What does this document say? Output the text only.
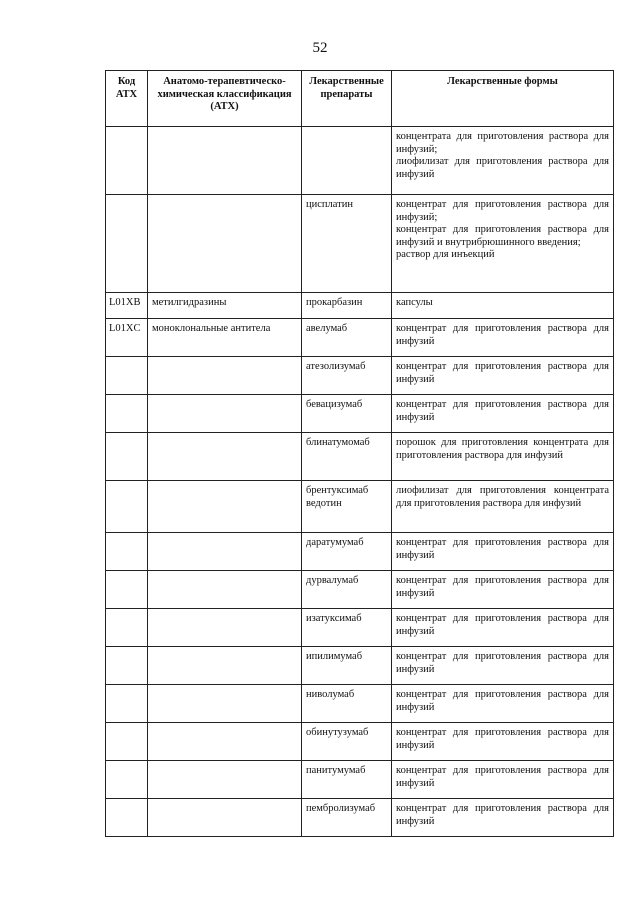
52
Код АТХ	Анатомо-терапевтическо-химическая классификация (АТХ)	Лекарственные препараты	Лекарственные формы

			концентрата для приготовления раствора для инфузий;
лиофилизат для приготовления раствора для инфузий

		цисплатин	концентрат для приготовления раствора для инфузий;
концентрат для приготовления раствора для инфузий и внутрибрюшинного введения;
раствор для инъекций

L01XB	метилгидразины	прокарбазин	капсулы

L01XC	моноклональные антитела	авелумаб	концентрат для приготовления раствора для инфузий

		атезолизумаб	концентрат для приготовления раствора для инфузий

		бевацизумаб	концентрат для приготовления раствора для инфузий

		блинатумомаб	порошок для приготовления концентрата для приготовления раствора для инфузий

		брентуксимаб ведотин	лиофилизат для приготовления концентрата для приготовления раствора для инфузий

		даратумумаб	концентрат для приготовления раствора для инфузий

		дурвалумаб	концентрат для приготовления раствора для инфузий

		изатуксимаб	концентрат для приготовления раствора для инфузий

		ипилимумаб	концентрат для приготовления раствора для инфузий

		ниволумаб	концентрат для приготовления раствора для инфузий

		обинутузумаб	концентрат для приготовления раствора для инфузий

		панитумумаб	концентрат для приготовления раствора для инфузий

		пембролизумаб	концентрат для приготовления раствора для инфузий
